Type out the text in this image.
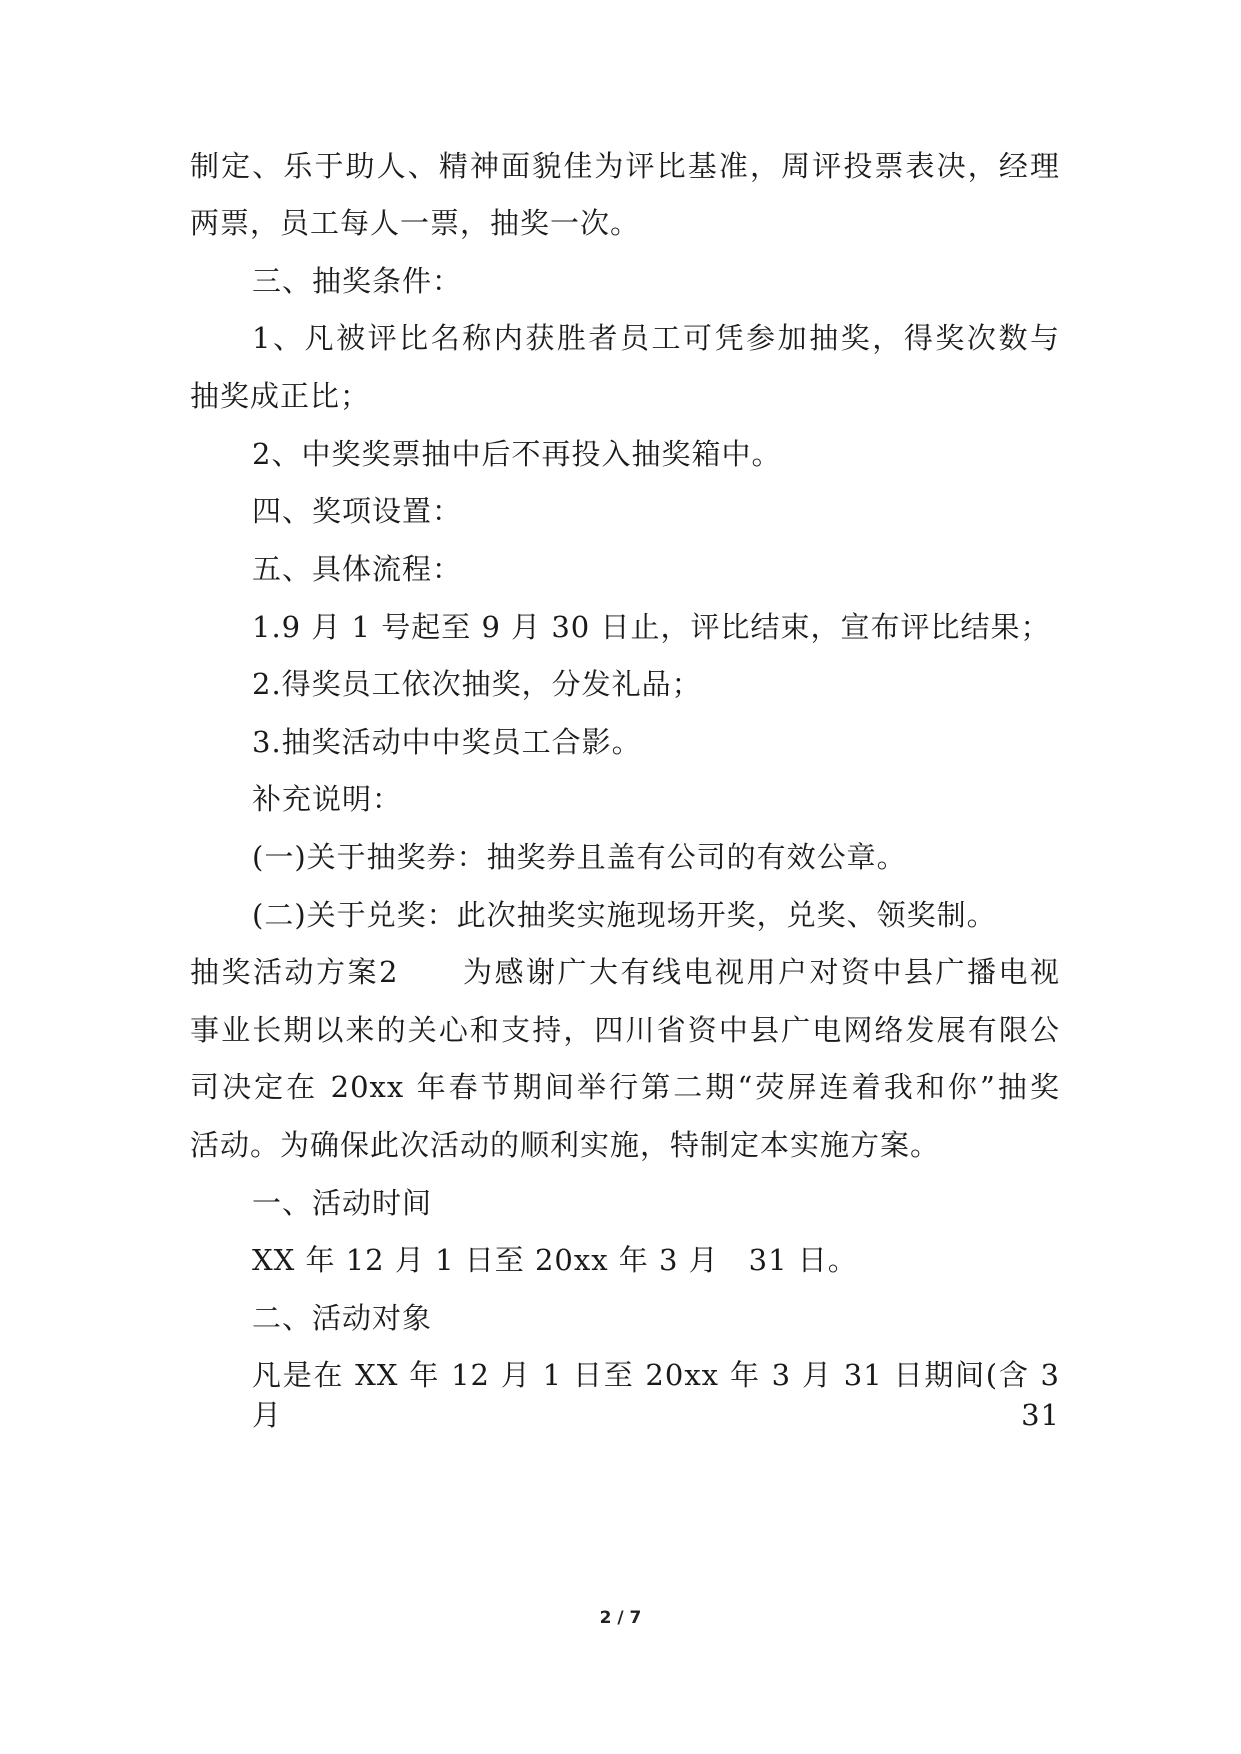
制定、乐于助人、精神面貌佳为评比基准，周评投票表决，经理
两票，员工每人一票，抽奖一次。
三、抽奖条件：
1、凡被评比名称内获胜者员工可凭参加抽奖，得奖次数与
抽奖成正比；
2、中奖奖票抽中后不再投入抽奖箱中。
四、奖项设置：
五、具体流程：
1.9 月 1 号起至 9 月 30 日止，评比结束，宣布评比结果；
2.得奖员工依次抽奖，分发礼品；
3.抽奖活动中中奖员工合影。
补充说明：
(一)关于抽奖券：抽奖券且盖有公司的有效公章。
(二)关于兑奖：此次抽奖实施现场开奖，兑奖、领奖制。
抽奖活动方案2　　为感谢广大有线电视用户对资中县广播电视
事业长期以来的关心和支持，四川省资中县广电网络发展有限公
司决定在 20xx 年春节期间举行第二期“荧屏连着我和你”抽奖
活动。为确保此次活动的顺利实施，特制定本实施方案。
一、活动时间
XX 年 12 月 1 日至 20xx 年 3 月　31 日。
二、活动对象
凡是在 XX 年 12 月 1 日至 20xx 年 3 月 31 日期间(含 3 月 31
2 / 7
